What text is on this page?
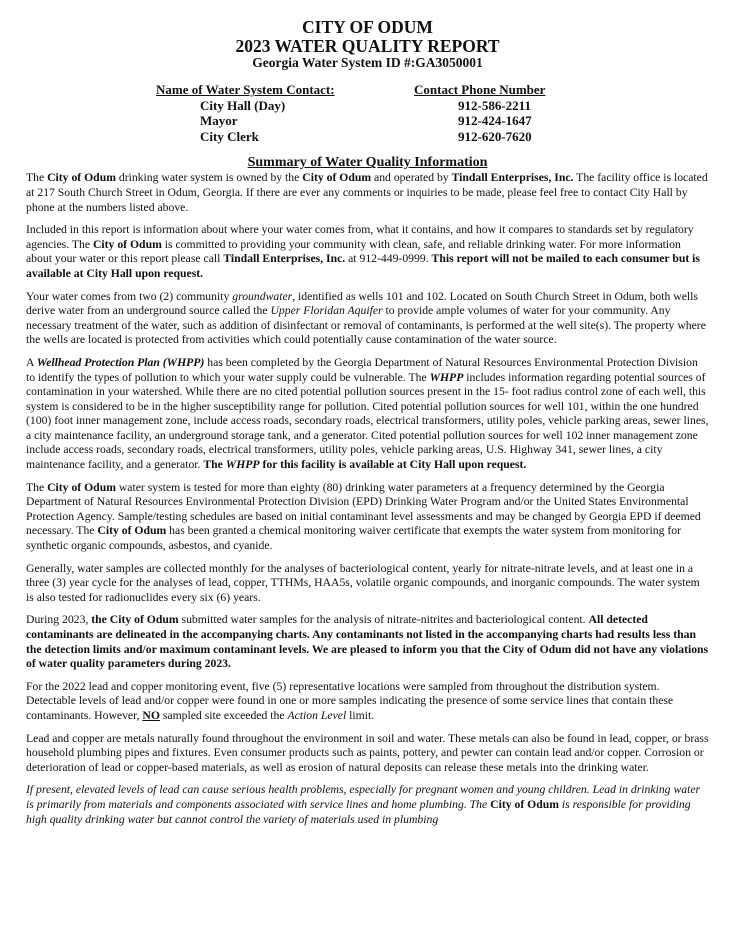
CITY OF ODUM
2023 WATER QUALITY REPORT
Georgia Water System ID #:GA3050001
Name of Water System Contact:	Contact Phone Number
City Hall (Day)	912-586-2211
Mayor	912-424-1647
City Clerk	912-620-7620
Summary of Water Quality Information

The City of Odum drinking water system is owned by the City of Odum and operated by Tindall Enterprises, Inc. The facility office is located at 217 South Church Street in Odum, Georgia. If there are ever any comments or inquiries to be made, please feel free to contact City Hall by phone at the numbers listed above.

Included in this report is information about where your water comes from, what it contains, and how it compares to standards set by regulatory agencies. The City of Odum is committed to providing your community with clean, safe, and reliable drinking water. For more information about your water or this report please call Tindall Enterprises, Inc. at 912-449-0999. This report will not be mailed to each consumer but is available at City Hall upon request.

Your water comes from two (2) community groundwater, identified as wells 101 and 102. Located on South Church Street in Odum, both wells derive water from an underground source called the Upper Floridan Aquifer to provide ample volumes of water for your community. Any necessary treatment of the water, such as addition of disinfectant or removal of contaminants, is performed at the well site(s). The property where the wells are located is protected from activities which could potentially cause contamination of the water source.

A Wellhead Protection Plan (WHPP) has been completed by the Georgia Department of Natural Resources Environmental Protection Division to identify the types of pollution to which your water supply could be vulnerable. The WHPP includes information regarding potential sources of contamination in your watershed. While there are no cited potential pollution sources present in the 15- foot radius control zone of each well, this system is considered to be in the higher susceptibility range for pollution. Cited potential pollution sources for well 101, within the one hundred (100) foot inner management zone, include access roads, secondary roads, electrical transformers, utility poles, vehicle parking areas, sewer lines, a city maintenance facility, an underground storage tank, and a generator. Cited potential pollution sources for well 102 inner management zone include access roads, secondary roads, electrical transformers, utility poles, vehicle parking areas, U.S. Highway 341, sewer lines, a city maintenance facility, and a generator. The WHPP for this facility is available at City Hall upon request.

The City of Odum water system is tested for more than eighty (80) drinking water parameters at a frequency determined by the Georgia Department of Natural Resources Environmental Protection Division (EPD) Drinking Water Program and/or the United States Environmental Protection Agency. Sample/testing schedules are based on initial contaminant level assessments and may be changed by Georgia EPD if deemed necessary. The City of Odum has been granted a chemical monitoring waiver certificate that exempts the water system from monitoring for synthetic organic compounds, asbestos, and cyanide.

Generally, water samples are collected monthly for the analyses of bacteriological content, yearly for nitrate-nitrate levels, and at least one in a three (3) year cycle for the analyses of lead, copper, TTHMs, HAA5s, volatile organic compounds, and inorganic compounds. The water system is also tested for radionuclides every six (6) years.

During 2023, the City of Odum submitted water samples for the analysis of nitrate-nitrites and bacteriological content. All detected contaminants are delineated in the accompanying charts. Any contaminants not listed in the accompanying charts had results less than the detection limits and/or maximum contaminant levels. We are pleased to inform you that the City of Odum did not have any violations of water quality parameters during 2023.

For the 2022 lead and copper monitoring event, five (5) representative locations were sampled from throughout the distribution system. Detectable levels of lead and/or copper were found in one or more samples indicating the presence of some service lines that contain these contaminants. However, NO sampled site exceeded the Action Level limit.

Lead and copper are metals naturally found throughout the environment in soil and water. These metals can also be found in lead, copper, or brass household plumbing pipes and fixtures. Even consumer products such as paints, pottery, and pewter can contain lead and/or copper. Corrosion or deterioration of lead or copper-based materials, as well as erosion of natural deposits can release these metals into the drinking water.

If present, elevated levels of lead can cause serious health problems, especially for pregnant women and young children. Lead in drinking water is primarily from materials and components associated with service lines and home plumbing. The City of Odum is responsible for providing high quality drinking water but cannot control the variety of materials used in plumbing
